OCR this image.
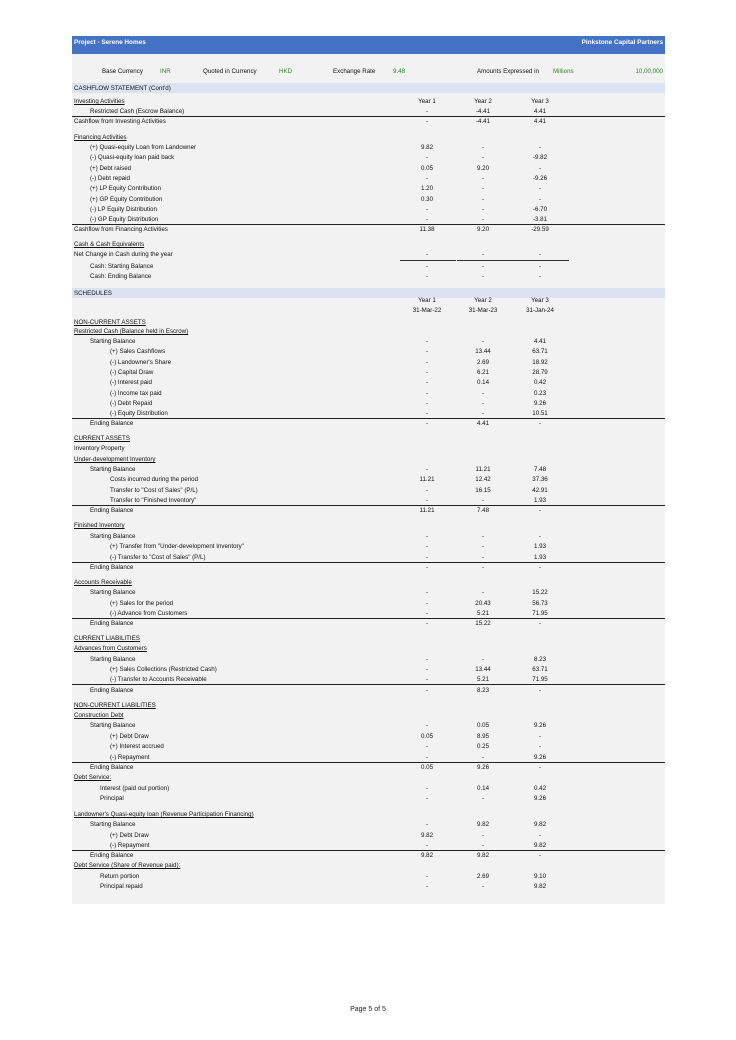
Project - Serene Homes	Pinkstone Capital Partners
Base Currency	INR	Quoted in Currency	HKD	Exchange Rate	9.48	Amounts Expressed in Millions	10,00,000
CASHFLOW STATEMENT (Cont'd)
SCHEDULES
Investing Activities	Year 1	Year 2	Year 3
Restricted Cash (Escrow Balance)	-	-4.41	4.41
Cashflow from Investing Activities	-	-4.41	4.41
Financing Activities
(+) Quasi-equity Loan from Landowner	9.82	-	-
(-) Quasi-equity loan paid back	-	-	-9.82
(+) Debt raised	0.05	9.20	-
(-) Debt repaid	-	-	-9.26
(+) LP Equity Contribution	1.20	-	-
(+) GP Equity Contribution	0.30	-	-
(-) LP Equity Distribution	-	-	-6.70
(-) GP Equity Distribution	-	-	-3.81
Cashflow from Financing Activities	11.38	9.20	-29.59
Cash & Cash Equivalents
Net Change in Cash during the year	-	-	-
Cash: Starting Balance	-	-	-
Cash: Ending Balance	-	-	-
Year 1	Year 2	Year 3
31-Mar-22	31-Mar-23	31-Jan-24
NON-CURRENT ASSETS
Restricted Cash (Balance held in Escrow)
Starting Balance	-	-	4.41
(+) Sales Cashflows	-	13.44	63.71
(-) Landowner's Share	-	2.69	18.92
(-) Capital Draw	-	6.21	28.79
(-) Interest paid	-	0.14	0.42
(-) Income tax paid	-	-	0.23
(-) Debt Repaid	-	-	9.26
(-) Equity Distribution	-	-	10.51
Ending Balance	-	4.41	-
CURRENT ASSETS
Inventory Property
Under-development Inventory
Starting Balance	-	11.21	7.48
Costs incurred during the period	11.21	12.42	37.36
Transfer to "Cost of Sales" (P/L)	-	16.15	42.91
Transfer to "Finished Inventory"	-	-	1.93
Ending Balance	11.21	7.48	-
Finished Inventory
Starting Balance	-	-	-
(+) Transfer from "Under-development Inventory"	-	-	1.93
(-) Transfer to "Cost of Sales" (P/L)	-	-	1.93
Ending Balance	-	-	-
Accounts Receivable
Starting Balance	-	-	15.22
(+) Sales for the period	-	20.43	56.73
(-) Advance from Customers	-	5.21	71.95
Ending Balance	-	15.22	-
CURRENT LIABILITIES
Advances from Customers
Starting Balance	-	-	8.23
(+) Sales Collections (Restricted Cash)	-	13.44	63.71
(-) Transfer to Accounts Receivable	-	5.21	71.95
Ending Balance	-	8.23	-
NON-CURRENT LIABILITIES
Construction Debt
Starting Balance	-	0.05	9.26
(+) Debt Draw	0.05	8.95	-
(+) Interest accrued	-	0.25	-
(-) Repayment	-	-	9.26
Ending Balance	0.05	9.26	-
Debt Service:
Interest (paid out portion)	-	0.14	0.42
Principal	-	-	9.26
Landowner's Quasi-equity loan (Revenue Participation Financing)
Starting Balance	-	9.82	9.82
(+) Debt Draw	9.82	-	-
(-) Repayment	-	-	9.82
Ending Balance	9.82	9.82	-
Debt Service (Share of Revenue paid):
Return portion	-	2.69	9.10
Principal repaid	-	-	9.82
Page 5 of 5
